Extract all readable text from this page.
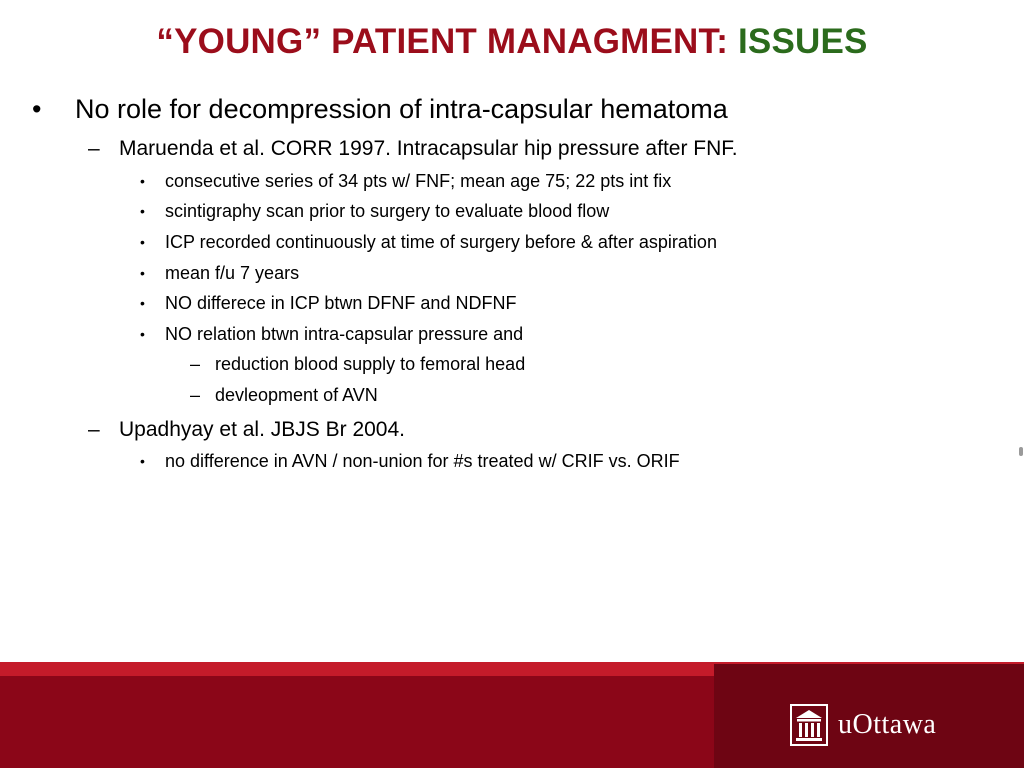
“YOUNG” PATIENT MANAGMENT: ISSUES
• No role for decompression of intra-capsular hematoma
– Maruenda et al. CORR 1997. Intracapsular hip pressure after FNF.
• consecutive series of 34 pts w/ FNF; mean age 75; 22 pts int fix
• scintigraphy scan prior to surgery to evaluate blood flow
• ICP recorded continuously at time of surgery before & after aspiration
• mean f/u 7 years
• NO differece in ICP btwn DFNF and NDFNF
• NO relation btwn intra-capsular pressure and
– reduction blood supply to femoral head
– devleopment of AVN
– Upadhyay et al. JBJS Br 2004.
• no difference in AVN / non-union for #s treated w/ CRIF vs. ORIF
uOttawa
